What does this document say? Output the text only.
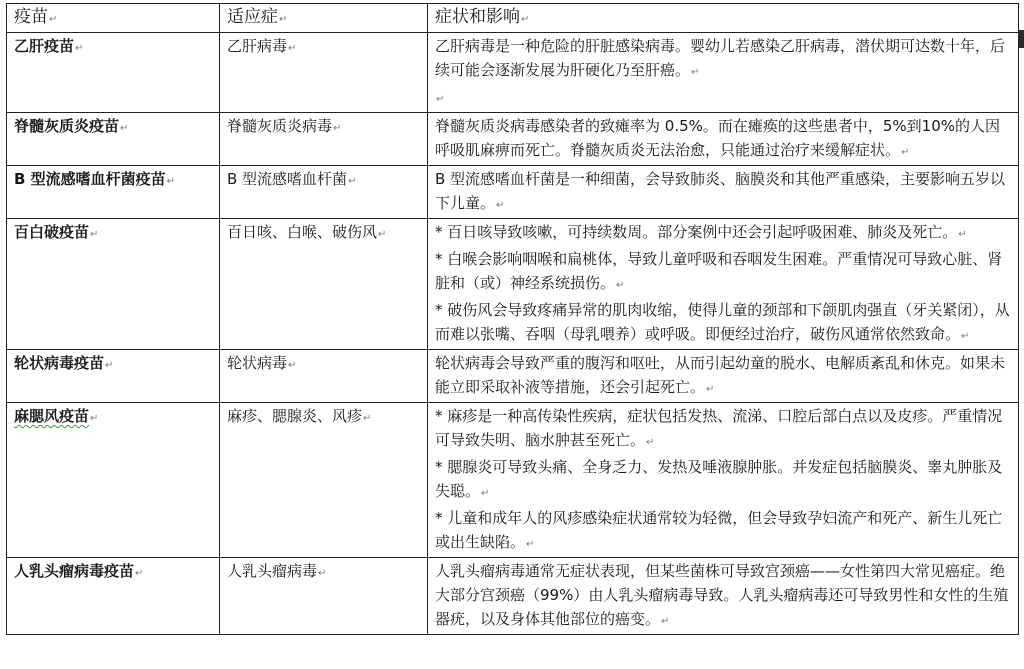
疫苗↵	适应症↵	症状和影响↵
乙肝疫苗↵	乙肝病毒↵	乙肝病毒是一种危险的肝脏感染病毒。婴幼儿若感染乙肝病毒，潜伏期可达数十年，后续可能会逐渐发展为肝硬化乃至肝癌。↵
↵

脊髓灰质炎疫苗↵	脊髓灰质炎病毒↵	脊髓灰质炎病毒感染者的致瘫率为 0.5%。而在瘫痪的这些患者中，5%到10%的人因呼吸肌麻痹而死亡。脊髓灰质炎无法治愈，只能通过治疗来缓解症状。↵

B 型流感嗜血杆菌疫苗↵	B 型流感嗜血杆菌↵	B 型流感嗜血杆菌是一种细菌，会导致肺炎、脑膜炎和其他严重感染，主要影响五岁以下儿童。↵

百白破疫苗↵	百日咳、白喉、破伤风↵	* 百日咳导致咳嗽，可持续数周。部分案例中还会引起呼吸困难、肺炎及死亡。↵
* 白喉会影响咽喉和扁桃体，导致儿童呼吸和吞咽发生困难。严重情况可导致心脏、肾脏和（或）神经系统损伤。↵
* 破伤风会导致疼痛异常的肌肉收缩，使得儿童的颈部和下颌肌肉强直（牙关紧闭），从而难以张嘴、吞咽（母乳喂养）或呼吸。即便经过治疗，破伤风通常依然致命。↵

轮状病毒疫苗↵	轮状病毒↵	轮状病毒会导致严重的腹泻和呕吐，从而引起幼童的脱水、电解质紊乱和休克。如果未能立即采取补液等措施，还会引起死亡。↵

麻腮风疫苗↵	麻疹、腮腺炎、风疹↵	* 麻疹是一种高传染性疾病，症状包括发热、流涕、口腔后部白点以及皮疹。严重情况可导致失明、脑水肿甚至死亡。↵
* 腮腺炎可导致头痛、全身乏力、发热及唾液腺肿胀。并发症包括脑膜炎、睾丸肿胀及失聪。↵
* 儿童和成年人的风疹感染症状通常较为轻微，但会导致孕妇流产和死产、新生儿死亡或出生缺陷。↵

人乳头瘤病毒疫苗↵	人乳头瘤病毒↵	人乳头瘤病毒通常无症状表现，但某些菌株可导致宫颈癌——女性第四大常见癌症。绝大部分宫颈癌（99%）由人乳头瘤病毒导致。人乳头瘤病毒还可导致男性和女性的生殖器疣，以及身体其他部位的癌变。↵
